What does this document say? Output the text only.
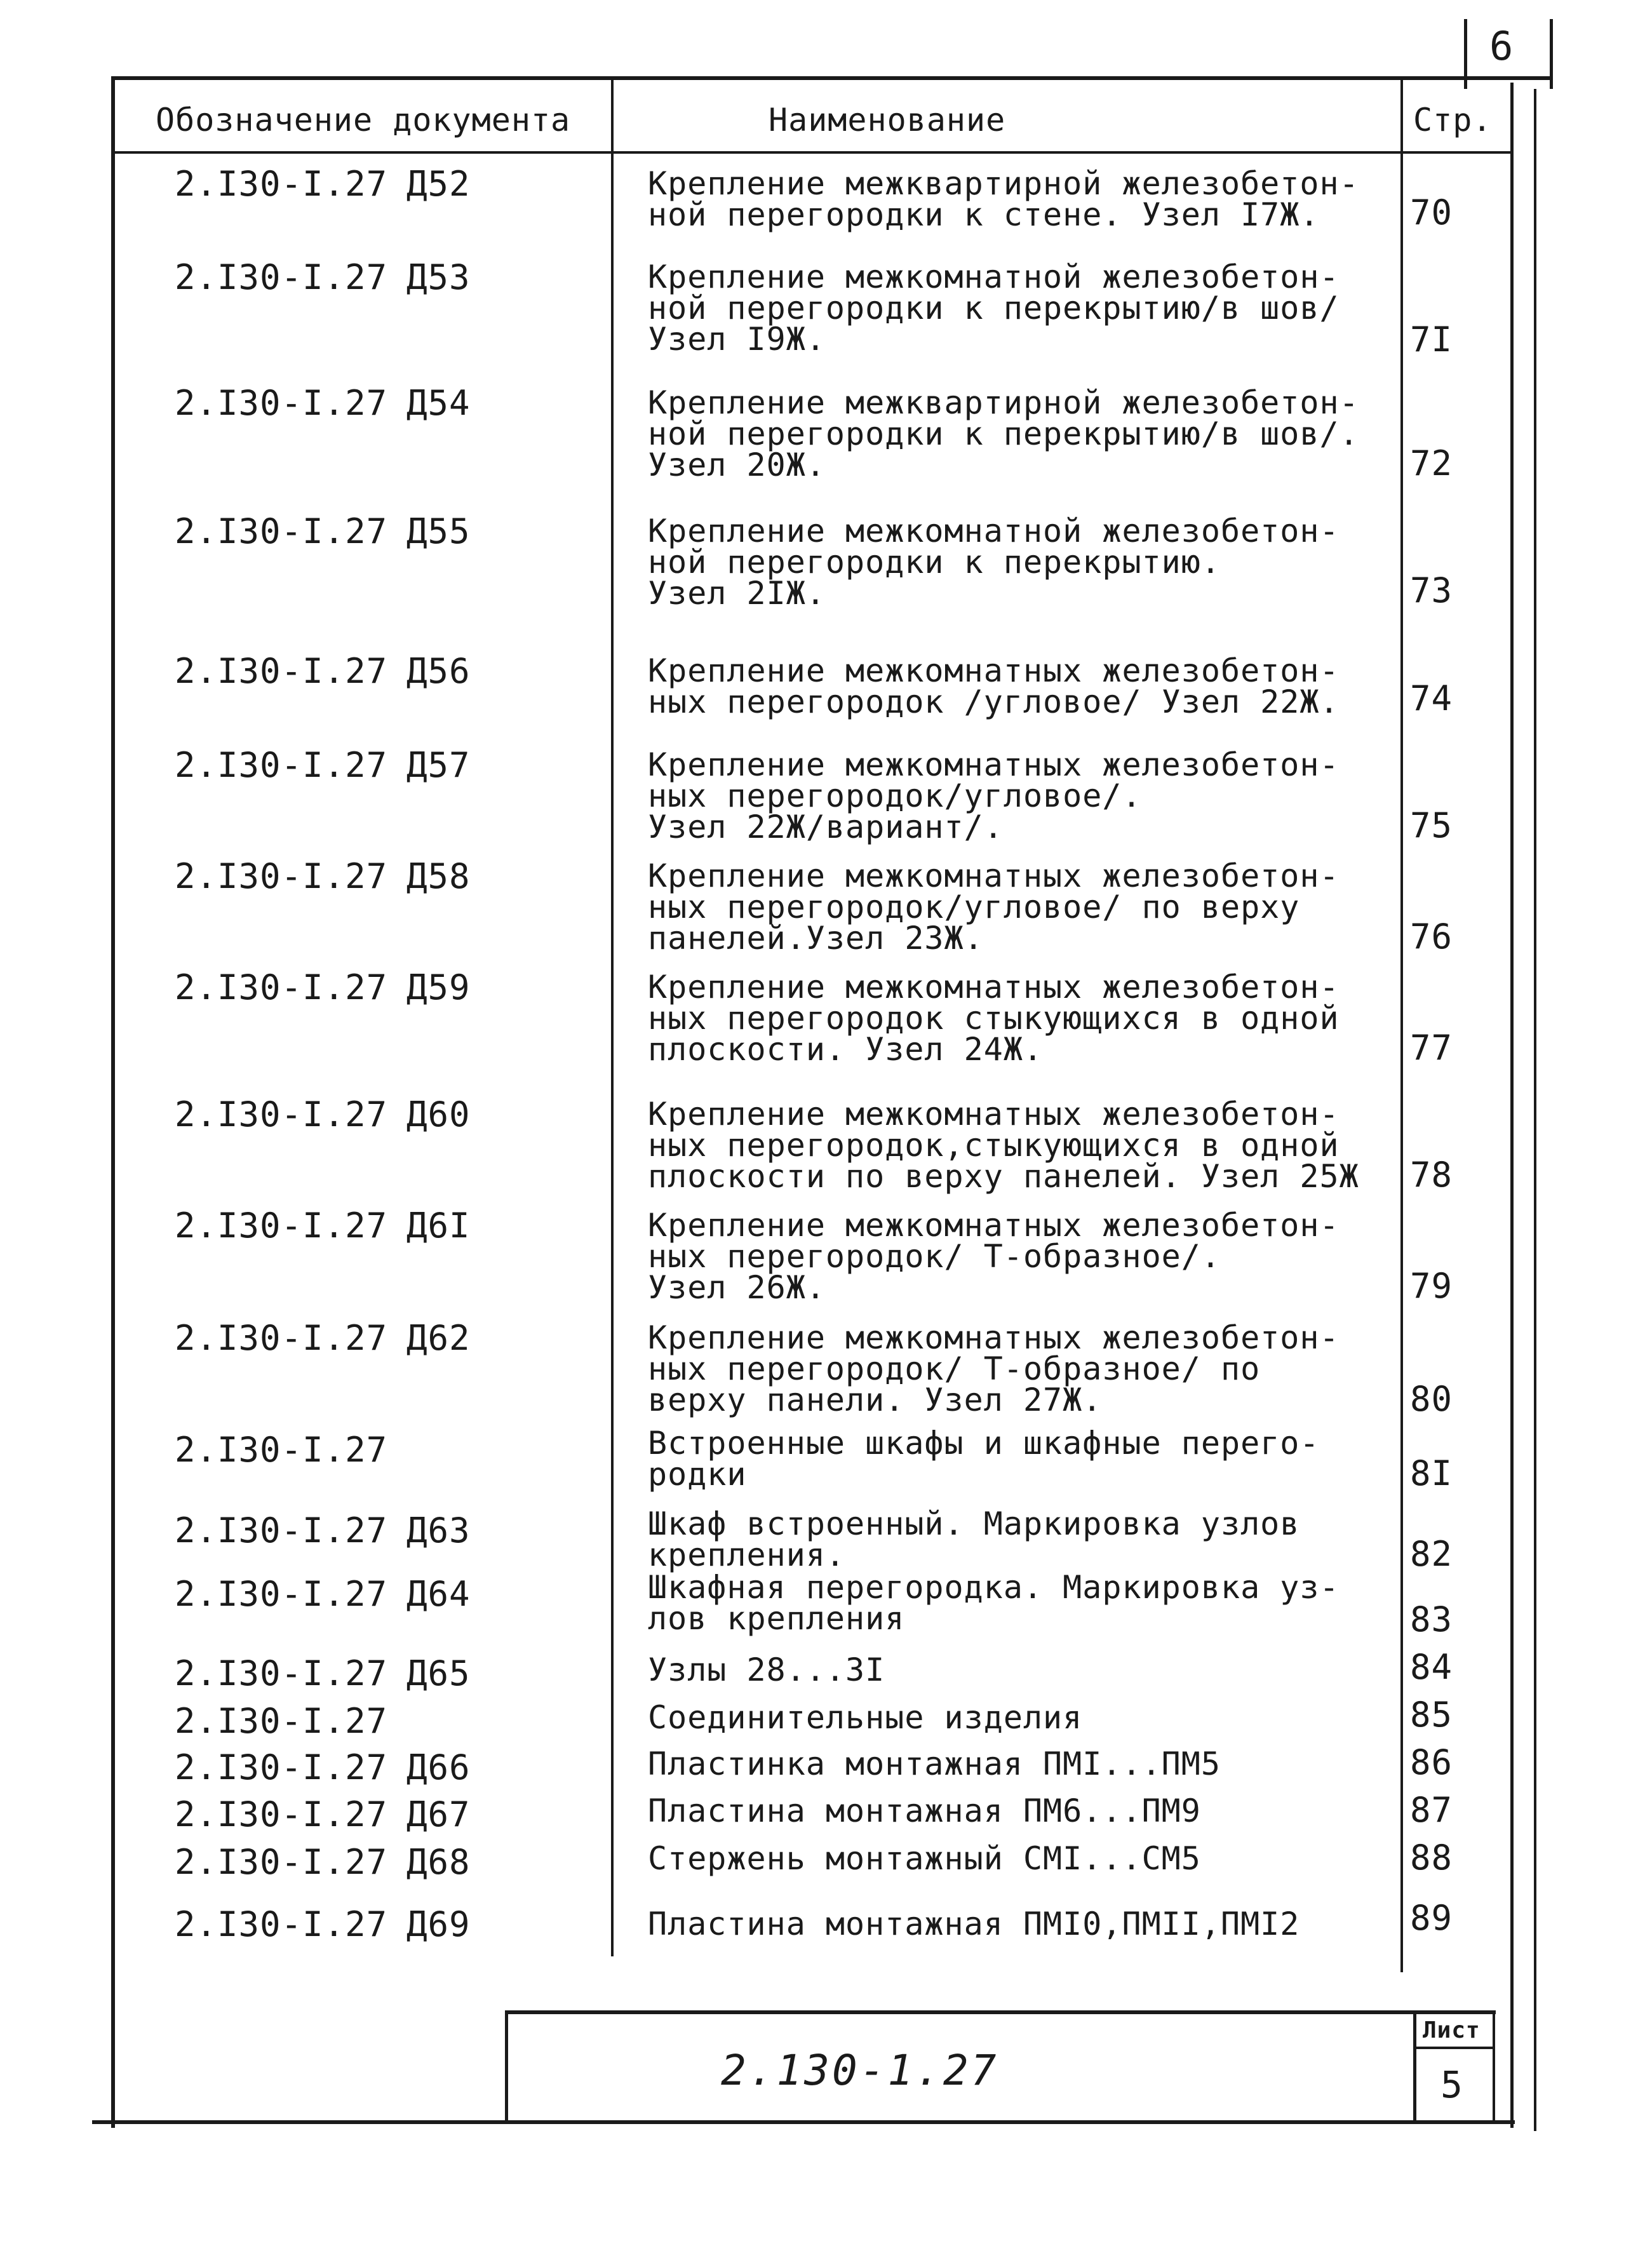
6
Обозначение документа	Наименование	Стр.
2.I30-I.27 Д52	Крепление межквартирной железобетон-
ной перегородки к стене. Узел I7Ж.	70
2.I30-I.27 Д53	Крепление межкомнатной железобетон-
ной перегородки к перекрытию/в шов/
Узел I9Ж.	7I
2.I30-I.27 Д54	Крепление межквартирной железобетон-
ной перегородки к перекрытию/в шов/.
Узел 20Ж.	72
2.I30-I.27 Д55	Крепление межкомнатной железобетон-
ной перегородки к перекрытию.
Узел 2IЖ.	73
2.I30-I.27 Д56	Крепление межкомнатных железобетон-
ных перегородок /угловое/ Узел 22Ж.	74
2.I30-I.27 Д57	Крепление межкомнатных железобетон-
ных перегородок/угловое/.
Узел 22Ж/вариант/.	75
2.I30-I.27 Д58	Крепление межкомнатных железобетон-
ных перегородок/угловое/ по верху
панелей.Узел 23Ж.	76
2.I30-I.27 Д59	Крепление межкомнатных железобетон-
ных перегородок стыкующихся в одной
плоскости. Узел 24Ж.	77
2.I30-I.27 Д60	Крепление межкомнатных железобетон-
ных перегородок,стыкующихся в одной
плоскости по верху панелей. Узел 25Ж	78
2.I30-I.27 Д6I	Крепление межкомнатных железобетон-
ных перегородок/ Т-образное/.
Узел 26Ж.	79
2.I30-I.27 Д62	Крепление межкомнатных железобетон-
ных перегородок/ Т-образное/ по
верху панели. Узел 27Ж.	80
2.I30-I.27	Встроенные шкафы и шкафные перего-
родки	8I
2.I30-I.27 Д63	Шкаф встроенный. Маркировка узлов
крепления.	82
2.I30-I.27 Д64	Шкафная перегородка. Маркировка уз-
лов крепления	83
2.I30-I.27 Д65	Узлы 28...3I	84
2.I30-I.27	Соединительные изделия	85
2.I30-I.27 Д66	Пластинка монтажная ПМI...ПМ5	86
2.I30-I.27 Д67	Пластина монтажная ПМ6...ПМ9	87
2.I30-I.27 Д68	Стержень монтажный СМI...СМ5	88
2.I30-I.27 Д69	Пластина монтажная ПМI0,ПМII,ПМI2	89
2.130-1.27
Лист
5
